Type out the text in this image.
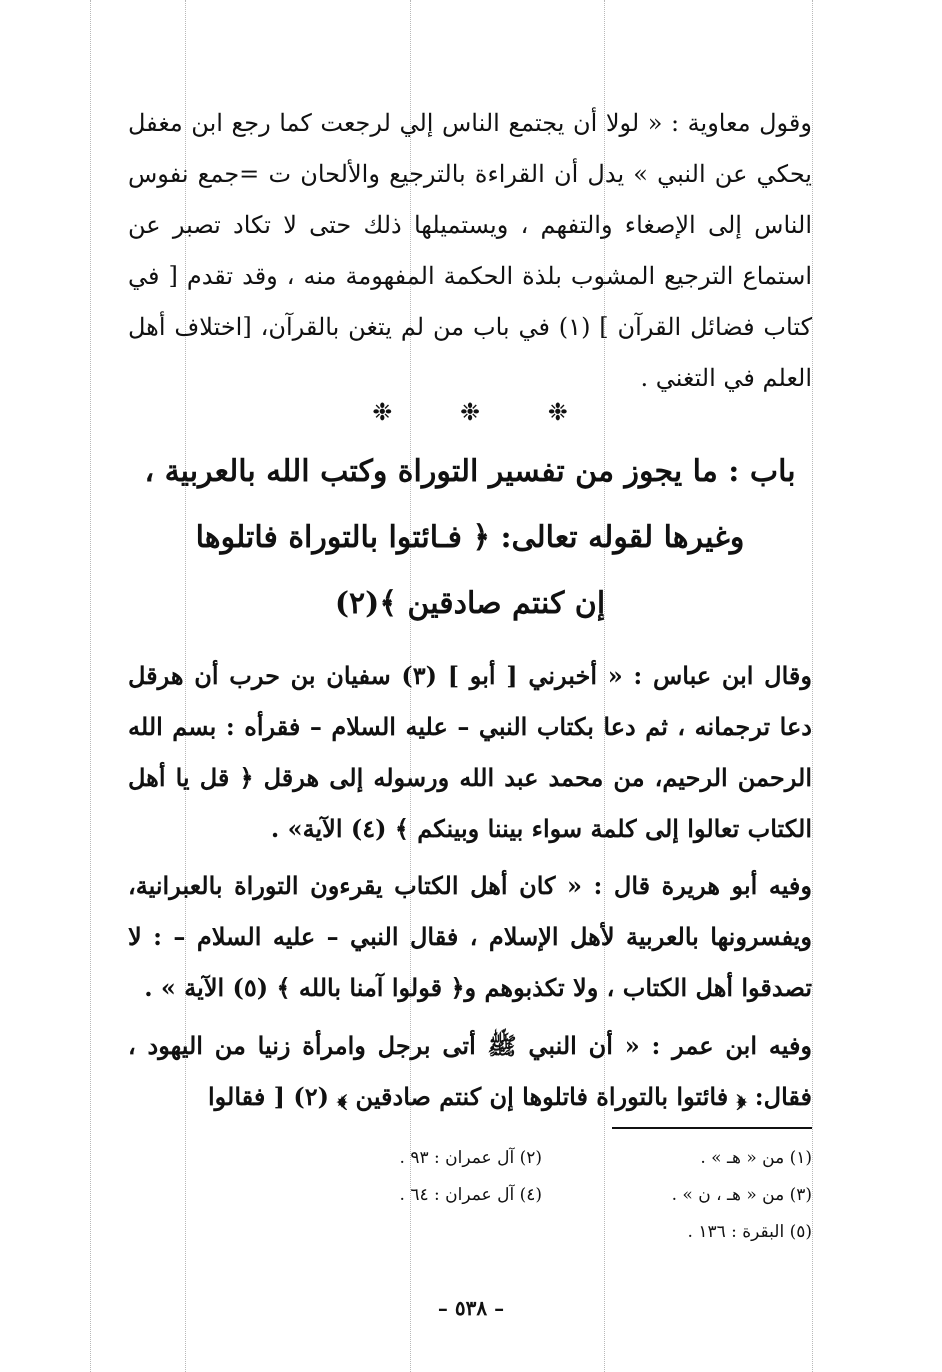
وقول معاوية : « لولا أن يجتمع الناس إلي لرجعت كما رجع ابن مغفل يحكي عن النبي » يدل أن القراءة بالترجيع والألحان ت =جمع نفوس الناس إلى الإصغاء والتفهم ، ويستميلها ذلك حتى لا تكاد تصبر عن استماع الترجيع المشوب بلذة الحكمة المفهومة منه ، وقد تقدم [ في كتاب فضائل القرآن ] (١) في باب من لم يتغن بالقرآن، [اختلاف أهل العلم في التغني .

❉	❉	❉
باب : ما يجوز من تفسير التوراة وكتب الله بالعربية ،
وغيرها لقوله تعالى: ﴿ فـائتوا بالتوراة فاتلوها
إن كنتم صادقين ﴾(٢)

وقال ابن عباس : « أخبرني [ أبو ] (٣) سفيان بن حرب أن هرقل دعا ترجمانه ، ثم دعا بكتاب النبي – عليه السلام – فقرأه : بسم الله الرحمن الرحيم، من محمد عبد الله ورسوله إلى هرقل ﴿ قل يا أهل الكتاب تعالوا إلى كلمة سواء بيننا وبينكم ﴾ (٤) الآية» .

وفيه أبو هريرة قال : « كان أهل الكتاب يقرءون التوراة بالعبرانية، ويفسرونها بالعربية لأهل الإسلام ، فقال النبي – عليه السلام – : لا تصدقوا أهل الكتاب ، ولا تكذبوهم و﴿ قولوا آمنا بالله ﴾ (٥) الآية » .

وفيه ابن عمر : « أن النبي ﷺ أتى برجل وامرأة زنيا من اليهود ، فقال: ﴿ فائتوا بالتوراة فاتلوها إن كنتم صادقين ﴾ (٢) [ فقالوا

(١) من « هـ » .
(٢) آل عمران : ٩٣ .
(٣) من « هـ ، ن » .
(٤) آل عمران : ٦٤ .
(٥) البقرة : ١٣٦ .
– ٥٣٨ –
